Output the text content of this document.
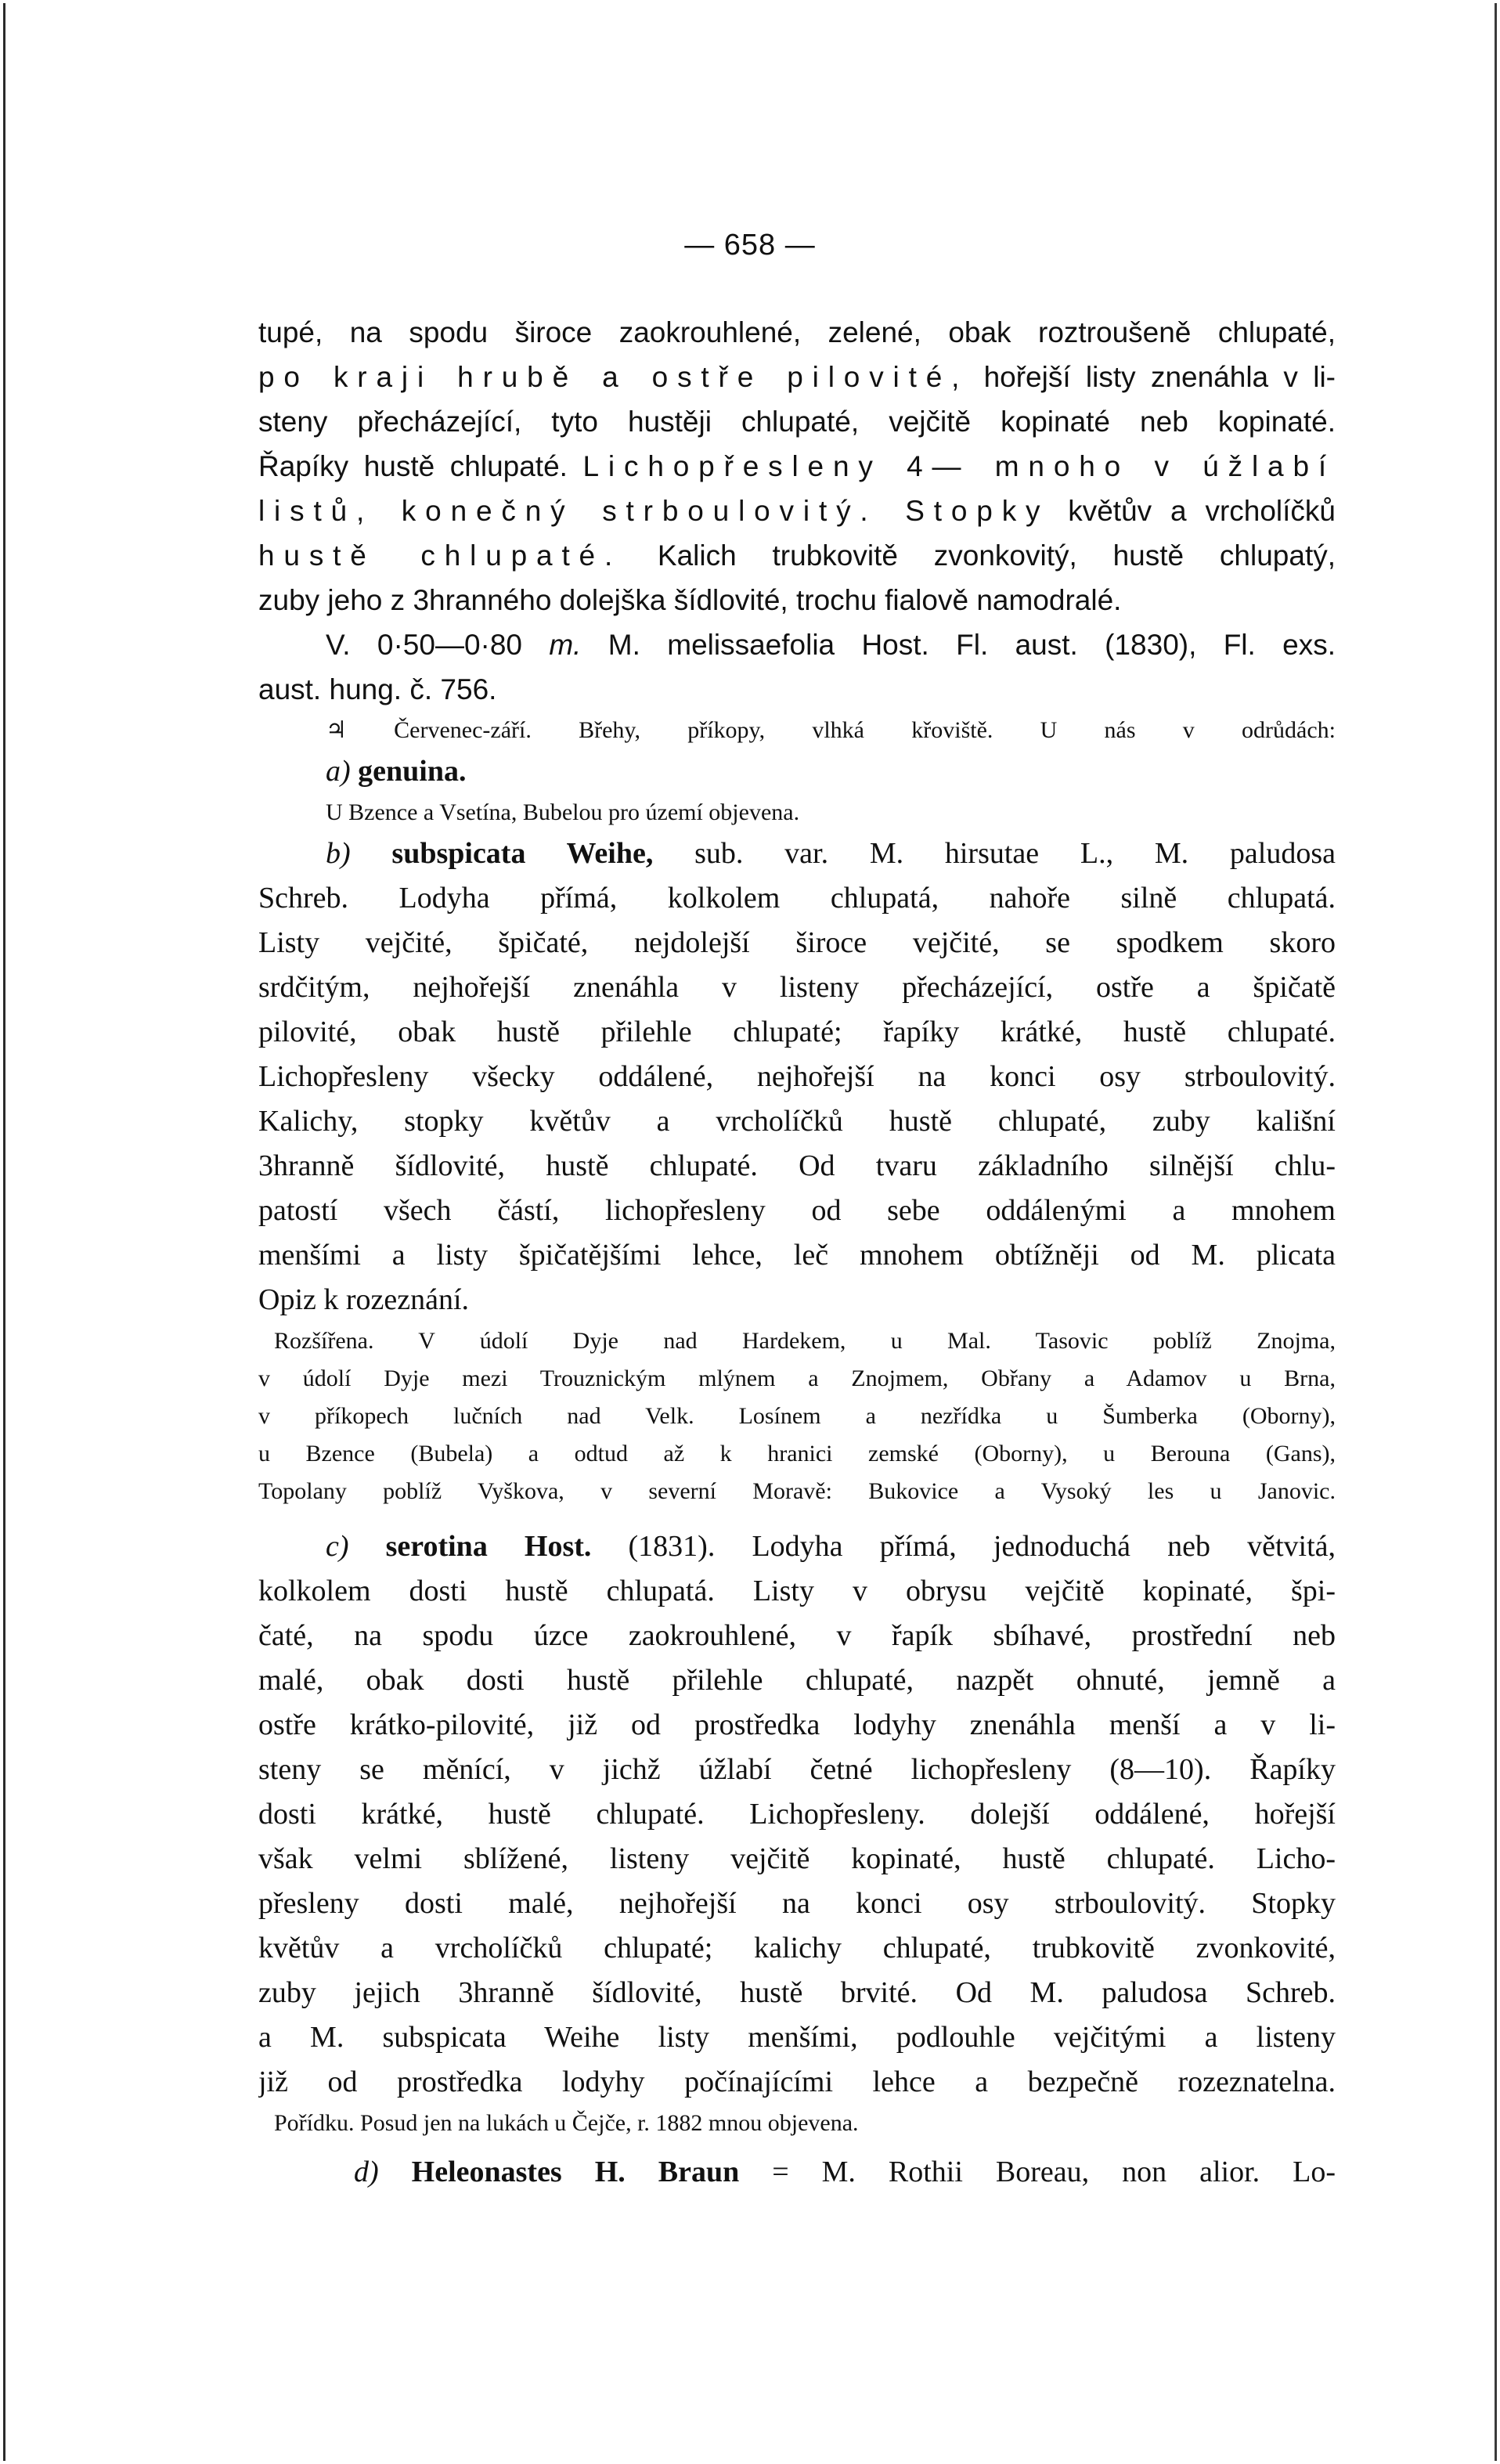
— 658 —
tupé, na spodu široce zaokrouhlené, zelené, obak roztroušeně chlupaté,
po kraji hrubě a ostře pilovité, hořejší listy znenáhla v li-
steny přecházející, tyto hustěji chlupaté, vejčitě kopinaté neb kopinaté.
Řapíky hustě chlupaté. Lichopřesleny 4— mnoho v úžlabí
listů, konečný strboulovitý. Stopky květův a vrcholíčků
hustě chlupaté. Kalich trubkovitě zvonkovitý, hustě chlupatý,
zuby jeho z 3hranného dolejška šídlovité, trochu fialově namodralé.
V. 0·50—0·80 m. M. melissaefolia Host. Fl. aust. (1830), Fl. exs.
aust. hung. č. 756.
♃ Červenec-září. Břehy, příkopy, vlhká křoviště. U nás v odrůdách:
a) genuina.
U Bzence a Vsetína, Bubelou pro území objevena.
b) subspicata Weihe, sub. var. M. hirsutae L., M. paludosa
Schreb. Lodyha přímá, kolkolem chlupatá, nahoře silně chlupatá.
Listy vejčité, špičaté, nejdolejší široce vejčité, se spodkem skoro
srdčitým, nejhořejší znenáhla v listeny přecházející, ostře a špičatě
pilovité, obak hustě přilehle chlupaté; řapíky krátké, hustě chlupaté.
Lichopřesleny všecky oddálené, nejhořejší na konci osy strboulovitý.
Kalichy, stopky květův a vrcholíčků hustě chlupaté, zuby kališní
3hranně šídlovité, hustě chlupaté. Od tvaru základního silnější chlu-
patostí všech částí, lichopřesleny od sebe oddálenými a mnohem
menšími a listy špičatějšími lehce, leč mnohem obtížněji od M. plicata
Opiz k rozeznání.
Rozšířena. V údolí Dyje nad Hardekem, u Mal. Tasovic poblíž Znojma,
v údolí Dyje mezi Trouznickým mlýnem a Znojmem, Obřany a Adamov u Brna,
v příkopech lučních nad Velk. Losínem a nezřídka u Šumberka (Oborny),
u Bzence (Bubela) a odtud až k hranici zemské (Oborny), u Berouna (Gans),
Topolany poblíž Vyškova, v severní Moravě: Bukovice a Vysoký les u Janovic.
c) serotina Host. (1831). Lodyha přímá, jednoduchá neb větvitá,
kolkolem dosti hustě chlupatá. Listy v obrysu vejčitě kopinaté, špi-
čaté, na spodu úzce zaokrouhlené, v řapík sbíhavé, prostřední neb
malé, obak dosti hustě přilehle chlupaté, nazpět ohnuté, jemně a
ostře krátko-pilovité, již od prostředka lodyhy znenáhla menší a v li-
steny se měnící, v jichž úžlabí četné lichopřesleny (8—10). Řapíky
dosti krátké, hustě chlupaté. Lichopřesleny. dolejší oddálené, hořejší
však velmi sblížené, listeny vejčitě kopinaté, hustě chlupaté. Licho-
přesleny dosti malé, nejhořejší na konci osy strboulovitý. Stopky
květův a vrcholíčků chlupaté; kalichy chlupaté, trubkovitě zvonkovité,
zuby jejich 3hranně šídlovité, hustě brvité. Od M. paludosa Schreb.
a M. subspicata Weihe listy menšími, podlouhle vejčitými a listeny
již od prostředka lodyhy počínajícími lehce a bezpečně rozeznatelna.
Pořídku. Posud jen na lukách u Čejče, r. 1882 mnou objevena.
d) Heleonastes H. Braun = M. Rothii Boreau, non alior. Lo-
